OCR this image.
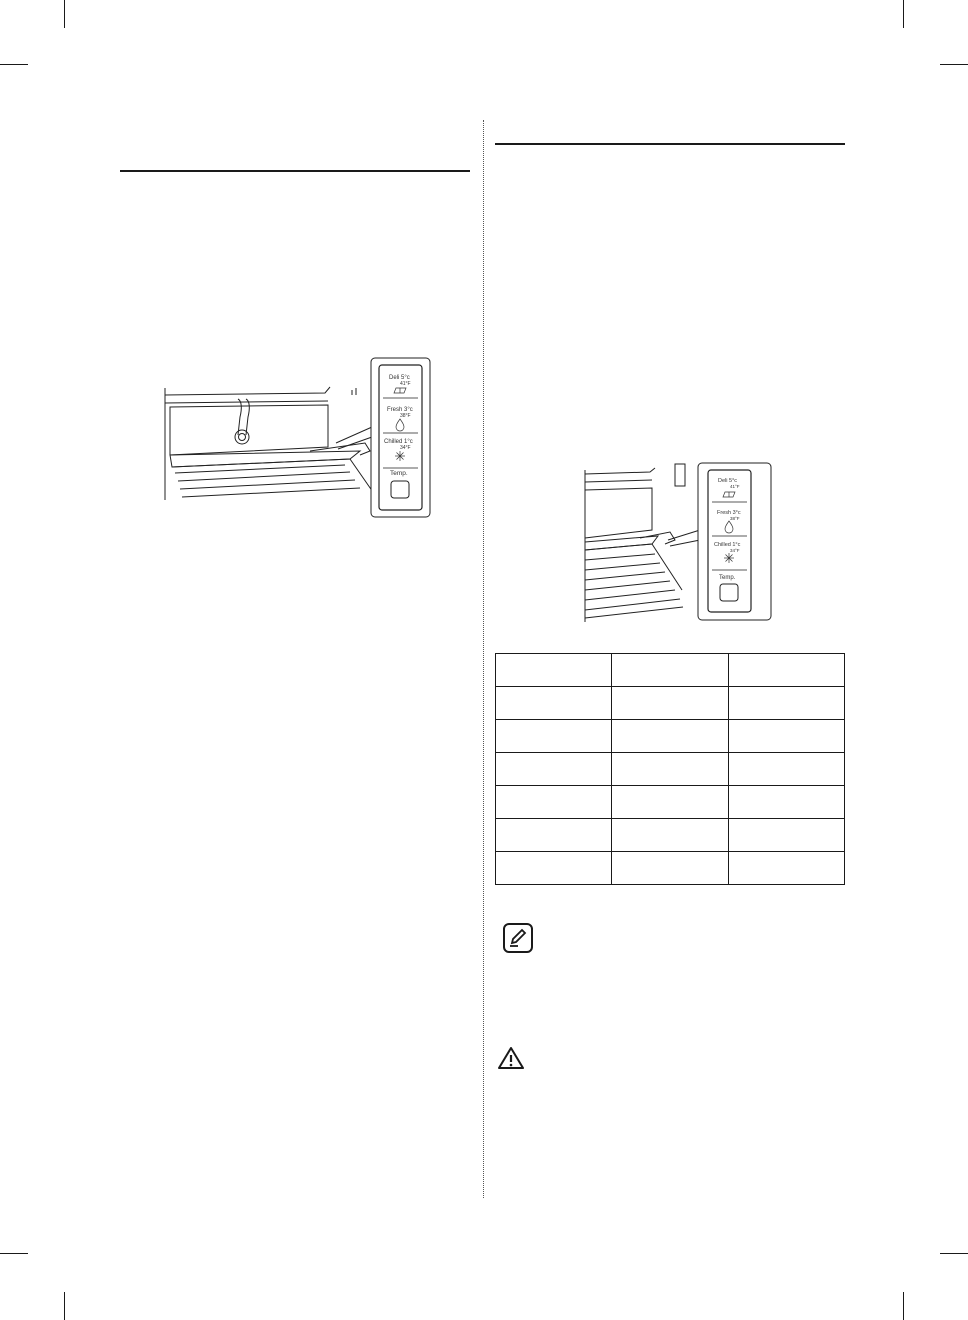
Deli 5°c
41°F
Fresh 3°c
38°F
Chilled 1°c
34°F
Temp.
Deli 5°c
41°F
Fresh 3°c
38°F
Chilled 1°c
34°F
Temp.
